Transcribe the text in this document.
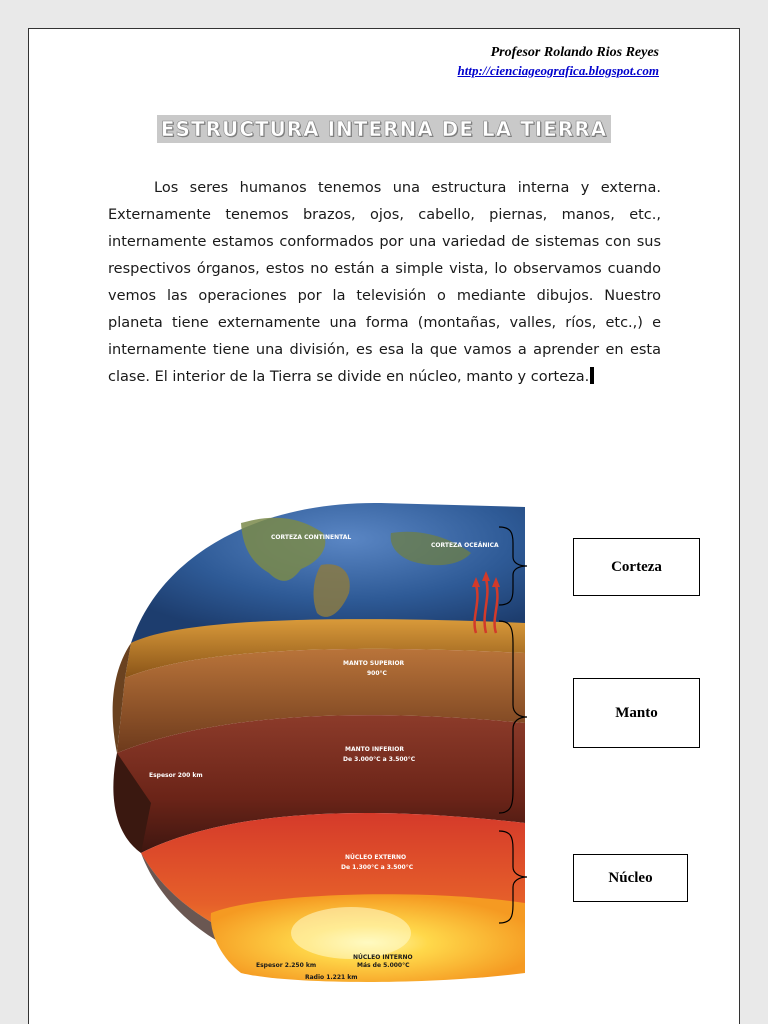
Profesor Rolando Rios Reyes
http://cienciageografica.blogspot.com
ESTRUCTURA INTERNA DE LA TIERRA

Los seres humanos tenemos una estructura interna y externa. Externamente tenemos brazos, ojos, cabello, piernas, manos, etc., internamente estamos conformados por una variedad de sistemas con sus respectivos órganos, estos no están a simple vista, lo observamos cuando vemos las operaciones por la televisión o mediante dibujos. Nuestro planeta tiene externamente una forma (montañas, valles, ríos, etc.,) e internamente tiene una división, es esa la que vamos a aprender en esta clase. El interior de la Tierra se divide en núcleo, manto y corteza.

CORTEZA CONTINENTAL
CORTEZA OCEÁNICA
MANTO SUPERIOR
900°C
MANTO INFERIOR
De 3.000°C a 3.500°C
NÚCLEO EXTERNO
De 1.300°C a 3.500°C
NÚCLEO INTERNO
Más de 5.000°C
Espesor 200 km
Espesor 2.250 km
Radio 1.221 km
Corteza
Manto
Núcleo
